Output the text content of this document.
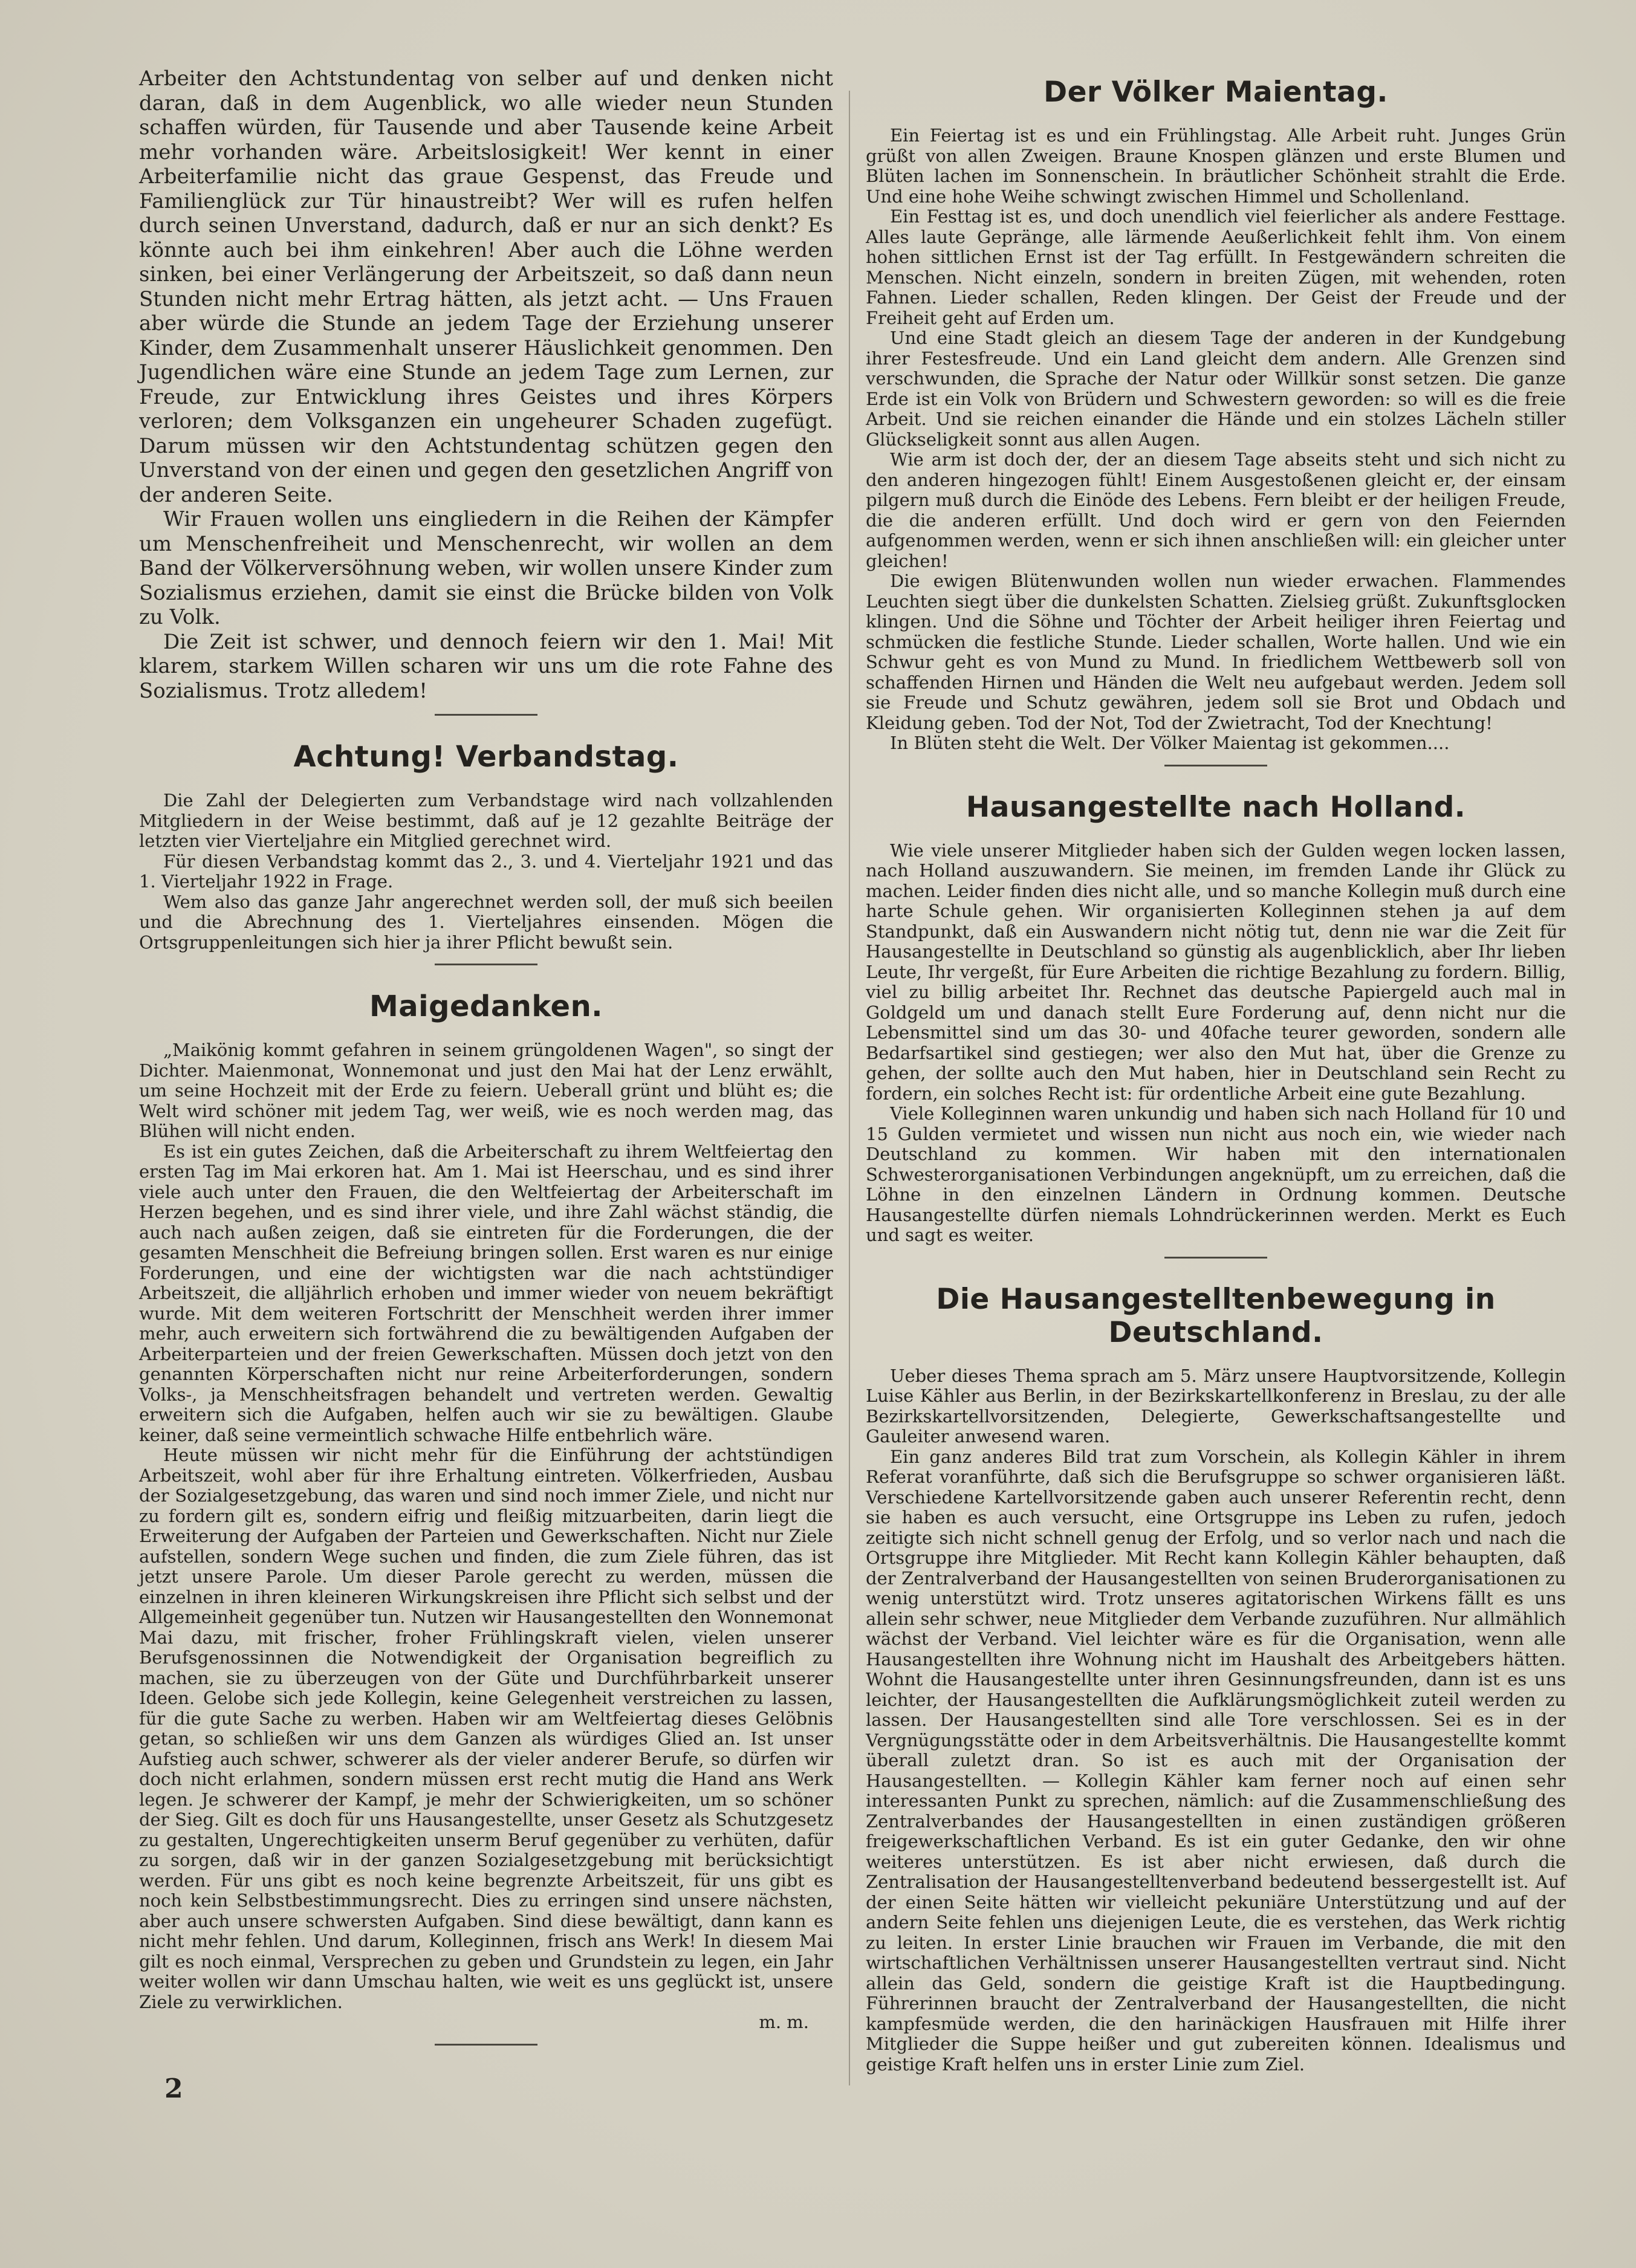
Arbeiter den Achtstundentag von selber auf und denken nicht daran, daß in dem Augenblick, wo alle wieder neun Stunden schaffen würden, für Tausende und aber Tausende keine Arbeit mehr vorhanden wäre. Arbeitslosigkeit! Wer kennt in einer Arbeiterfamilie nicht das graue Gespenst, das Freude und Familienglück zur Tür hinaustreibt? Wer will es rufen helfen durch seinen Unverstand, dadurch, daß er nur an sich denkt? Es könnte auch bei ihm einkehren! Aber auch die Löhne werden sinken, bei einer Verlängerung der Arbeitszeit, so daß dann neun Stunden nicht mehr Ertrag hätten, als jetzt acht. — Uns Frauen aber würde die Stunde an jedem Tage der Erziehung unserer Kinder, dem Zusammenhalt unserer Häuslichkeit genommen. Den Jugendlichen wäre eine Stunde an jedem Tage zum Lernen, zur Freude, zur Entwicklung ihres Geistes und ihres Körpers verloren; dem Volksganzen ein ungeheurer Schaden zugefügt. Darum müssen wir den Achtstundentag schützen gegen den Unverstand von der einen und gegen den gesetzlichen Angriff von der anderen Seite.

Wir Frauen wollen uns eingliedern in die Reihen der Kämpfer um Menschenfreiheit und Menschenrecht, wir wollen an dem Band der Völkerversöhnung weben, wir wollen unsere Kinder zum Sozialismus erziehen, damit sie einst die Brücke bilden von Volk zu Volk.

Die Zeit ist schwer, und dennoch feiern wir den 1. Mai! Mit klarem, starkem Willen scharen wir uns um die rote Fahne des Sozialismus. Trotz alledem!

Achtung! Verbandstag.

Die Zahl der Delegierten zum Verbandstage wird nach vollzahlenden Mitgliedern in der Weise bestimmt, daß auf je 12 gezahlte Beiträge der letzten vier Vierteljahre ein Mitglied gerechnet wird.

Für diesen Verbandstag kommt das 2., 3. und 4. Vierteljahr 1921 und das 1. Vierteljahr 1922 in Frage.

Wem also das ganze Jahr angerechnet werden soll, der muß sich beeilen und die Abrechnung des 1. Vierteljahres einsenden. Mögen die Ortsgruppenleitungen sich hier ja ihrer Pflicht bewußt sein.

Maigedanken.

„Maikönig kommt gefahren in seinem grüngoldenen Wagen", so singt der Dichter. Maienmonat, Wonnemonat und just den Mai hat der Lenz erwählt, um seine Hochzeit mit der Erde zu feiern. Ueberall grünt und blüht es; die Welt wird schöner mit jedem Tag, wer weiß, wie es noch werden mag, das Blühen will nicht enden.

Es ist ein gutes Zeichen, daß die Arbeiterschaft zu ihrem Weltfeiertag den ersten Tag im Mai erkoren hat. Am 1. Mai ist Heerschau, und es sind ihrer viele auch unter den Frauen, die den Weltfeiertag der Arbeiterschaft im Herzen begehen, und es sind ihrer viele, und ihre Zahl wächst ständig, die auch nach außen zeigen, daß sie eintreten für die Forderungen, die der gesamten Menschheit die Befreiung bringen sollen. Erst waren es nur einige Forderungen, und eine der wichtigsten war die nach achtstündiger Arbeitszeit, die alljährlich erhoben und immer wieder von neuem bekräftigt wurde. Mit dem weiteren Fortschritt der Menschheit werden ihrer immer mehr, auch erweitern sich fortwährend die zu bewältigenden Aufgaben der Arbeiterparteien und der freien Gewerkschaften. Müssen doch jetzt von den genannten Körperschaften nicht nur reine Arbeiterforderungen, sondern Volks-, ja Menschheitsfragen behandelt und vertreten werden. Gewaltig erweitern sich die Aufgaben, helfen auch wir sie zu bewältigen. Glaube keiner, daß seine vermeintlich schwache Hilfe entbehrlich wäre.

Heute müssen wir nicht mehr für die Einführung der achtstündigen Arbeitszeit, wohl aber für ihre Erhaltung eintreten. Völkerfrieden, Ausbau der Sozialgesetzgebung, das waren und sind noch immer Ziele, und nicht nur zu fordern gilt es, sondern eifrig und fleißig mitzuarbeiten, darin liegt die Erweiterung der Aufgaben der Parteien und Gewerkschaften. Nicht nur Ziele aufstellen, sondern Wege suchen und finden, die zum Ziele führen, das ist jetzt unsere Parole. Um dieser Parole gerecht zu werden, müssen die einzelnen in ihren kleineren Wirkungskreisen ihre Pflicht sich selbst und der Allgemeinheit gegenüber tun. Nutzen wir Hausangestellten den Wonnemonat Mai dazu, mit frischer, froher Frühlingskraft vielen, vielen unserer Berufsgenossinnen die Notwendigkeit der Organisation begreiflich zu machen, sie zu überzeugen von der Güte und Durchführbarkeit unserer Ideen. Gelobe sich jede Kollegin, keine Gelegenheit verstreichen zu lassen, für die gute Sache zu werben. Haben wir am Weltfeiertag dieses Gelöbnis getan, so schließen wir uns dem Ganzen als würdiges Glied an. Ist unser Aufstieg auch schwer, schwerer als der vieler anderer Berufe, so dürfen wir doch nicht erlahmen, sondern müssen erst recht mutig die Hand ans Werk legen. Je schwerer der Kampf, je mehr der Schwierigkeiten, um so schöner der Sieg. Gilt es doch für uns Hausangestellte, unser Gesetz als Schutzgesetz zu gestalten, Ungerechtigkeiten unserm Beruf gegenüber zu verhüten, dafür zu sorgen, daß wir in der ganzen Sozialgesetzgebung mit berücksichtigt werden. Für uns gibt es noch keine begrenzte Arbeitszeit, für uns gibt es noch kein Selbstbestimmungsrecht. Dies zu erringen sind unsere nächsten, aber auch unsere schwersten Aufgaben. Sind diese bewältigt, dann kann es nicht mehr fehlen. Und darum, Kolleginnen, frisch ans Werk! In diesem Mai gilt es noch einmal, Versprechen zu geben und Grundstein zu legen, ein Jahr weiter wollen wir dann Umschau halten, wie weit es uns geglückt ist, unsere Ziele zu verwirklichen.

m. m.

Der Völker Maientag.

Ein Feiertag ist es und ein Frühlingstag. Alle Arbeit ruht. Junges Grün grüßt von allen Zweigen. Braune Knospen glänzen und erste Blumen und Blüten lachen im Sonnenschein. In bräutlicher Schönheit strahlt die Erde. Und eine hohe Weihe schwingt zwischen Himmel und Schollenland.

Ein Festtag ist es, und doch unendlich viel feierlicher als andere Festtage. Alles laute Gepränge, alle lärmende Aeußerlichkeit fehlt ihm. Von einem hohen sittlichen Ernst ist der Tag erfüllt. In Festgewändern schreiten die Menschen. Nicht einzeln, sondern in breiten Zügen, mit wehenden, roten Fahnen. Lieder schallen, Reden klingen. Der Geist der Freude und der Freiheit geht auf Erden um.

Und eine Stadt gleich an diesem Tage der anderen in der Kundgebung ihrer Festesfreude. Und ein Land gleicht dem andern. Alle Grenzen sind verschwunden, die Sprache der Natur oder Willkür sonst setzen. Die ganze Erde ist ein Volk von Brüdern und Schwestern geworden: so will es die freie Arbeit. Und sie reichen einander die Hände und ein stolzes Lächeln stiller Glückseligkeit sonnt aus allen Augen.

Wie arm ist doch der, der an diesem Tage abseits steht und sich nicht zu den anderen hingezogen fühlt! Einem Ausgestoßenen gleicht er, der einsam pilgern muß durch die Einöde des Lebens. Fern bleibt er der heiligen Freude, die die anderen erfüllt. Und doch wird er gern von den Feiernden aufgenommen werden, wenn er sich ihnen anschließen will: ein gleicher unter gleichen!

Die ewigen Blütenwunden wollen nun wieder erwachen. Flammendes Leuchten siegt über die dunkelsten Schatten. Zielsieg grüßt. Zukunftsglocken klingen. Und die Söhne und Töchter der Arbeit heiliger ihren Feiertag und schmücken die festliche Stunde. Lieder schallen, Worte hallen. Und wie ein Schwur geht es von Mund zu Mund. In friedlichem Wettbewerb soll von schaffenden Hirnen und Händen die Welt neu aufgebaut werden. Jedem soll sie Freude und Schutz gewähren, jedem soll sie Brot und Obdach und Kleidung geben. Tod der Not, Tod der Zwietracht, Tod der Knechtung!

In Blüten steht die Welt. Der Völker Maientag ist gekommen....

Hausangestellte nach Holland.

Wie viele unserer Mitglieder haben sich der Gulden wegen locken lassen, nach Holland auszuwandern. Sie meinen, im fremden Lande ihr Glück zu machen. Leider finden dies nicht alle, und so manche Kollegin muß durch eine harte Schule gehen. Wir organisierten Kolleginnen stehen ja auf dem Standpunkt, daß ein Auswandern nicht nötig tut, denn nie war die Zeit für Hausangestellte in Deutschland so günstig als augenblicklich, aber Ihr lieben Leute, Ihr vergeßt, für Eure Arbeiten die richtige Bezahlung zu fordern. Billig, viel zu billig arbeitet Ihr. Rechnet das deutsche Papiergeld auch mal in Goldgeld um und danach stellt Eure Forderung auf, denn nicht nur die Lebensmittel sind um das 30- und 40fache teurer geworden, sondern alle Bedarfsartikel sind gestiegen; wer also den Mut hat, über die Grenze zu gehen, der sollte auch den Mut haben, hier in Deutschland sein Recht zu fordern, ein solches Recht ist: für ordentliche Arbeit eine gute Bezahlung.

Viele Kolleginnen waren unkundig und haben sich nach Holland für 10 und 15 Gulden vermietet und wissen nun nicht aus noch ein, wie wieder nach Deutschland zu kommen. Wir haben mit den internationalen Schwesterorganisationen Verbindungen angeknüpft, um zu erreichen, daß die Löhne in den einzelnen Ländern in Ordnung kommen. Deutsche Hausangestellte dürfen niemals Lohndrückerinnen werden. Merkt es Euch und sagt es weiter.

Die Hausangestelltenbewegung in Deutschland.

Ueber dieses Thema sprach am 5. März unsere Hauptvorsitzende, Kollegin Luise Kähler aus Berlin, in der Bezirkskartellkonferenz in Breslau, zu der alle Bezirkskartellvorsitzenden, Delegierte, Gewerkschaftsangestellte und Gauleiter anwesend waren.

Ein ganz anderes Bild trat zum Vorschein, als Kollegin Kähler in ihrem Referat voranführte, daß sich die Berufsgruppe so schwer organisieren läßt. Verschiedene Kartellvorsitzende gaben auch unserer Referentin recht, denn sie haben es auch versucht, eine Ortsgruppe ins Leben zu rufen, jedoch zeitigte sich nicht schnell genug der Erfolg, und so verlor nach und nach die Ortsgruppe ihre Mitglieder. Mit Recht kann Kollegin Kähler behaupten, daß der Zentralverband der Hausangestellten von seinen Bruderorganisationen zu wenig unterstützt wird. Trotz unseres agitatorischen Wirkens fällt es uns allein sehr schwer, neue Mitglieder dem Verbande zuzuführen. Nur allmählich wächst der Verband. Viel leichter wäre es für die Organisation, wenn alle Hausangestellten ihre Wohnung nicht im Haushalt des Arbeitgebers hätten. Wohnt die Hausangestellte unter ihren Gesinnungsfreunden, dann ist es uns leichter, der Hausangestellten die Aufklärungsmöglichkeit zuteil werden zu lassen. Der Hausangestellten sind alle Tore verschlossen. Sei es in der Vergnügungsstätte oder in dem Arbeitsverhältnis. Die Hausangestellte kommt überall zuletzt dran. So ist es auch mit der Organisation der Hausangestellten. — Kollegin Kähler kam ferner noch auf einen sehr interessanten Punkt zu sprechen, nämlich: auf die Zusammenschließung des Zentralverbandes der Hausangestellten in einen zuständigen größeren freigewerkschaftlichen Verband. Es ist ein guter Gedanke, den wir ohne weiteres unterstützen. Es ist aber nicht erwiesen, daß durch die Zentralisation der Hausangestelltenverband bedeutend bessergestellt ist. Auf der einen Seite hätten wir vielleicht pekuniäre Unterstützung und auf der andern Seite fehlen uns diejenigen Leute, die es verstehen, das Werk richtig zu leiten. In erster Linie brauchen wir Frauen im Verbande, die mit den wirtschaftlichen Verhältnissen unserer Hausangestellten vertraut sind. Nicht allein das Geld, sondern die geistige Kraft ist die Hauptbedingung. Führerinnen braucht der Zentralverband der Hausangestellten, die nicht kampfesmüde werden, die den harinäckigen Hausfrauen mit Hilfe ihrer Mitglieder die Suppe heißer und gut zubereiten können. Idealismus und geistige Kraft helfen uns in erster Linie zum Ziel.

2
